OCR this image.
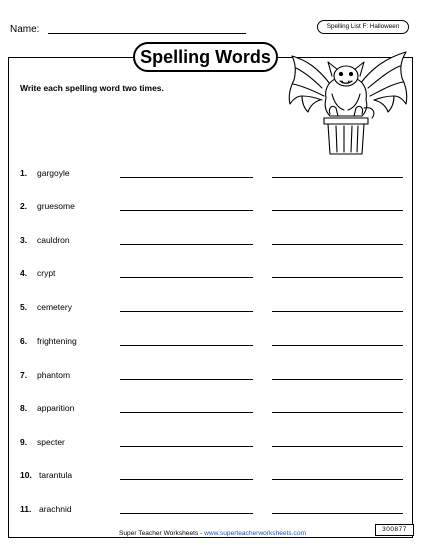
Name:	Spelling List F: Halloween
Spelling Words
Write each spelling word two times.
1. gargoyle
2. gruesome
3. cauldron
4. crypt
5. cemetery
6. frightening
7. phantom
8. apparition
9. specter
10. tarantula
11. arachnid
Super Teacher Worksheets - www.superteacherworksheets.com
300877
